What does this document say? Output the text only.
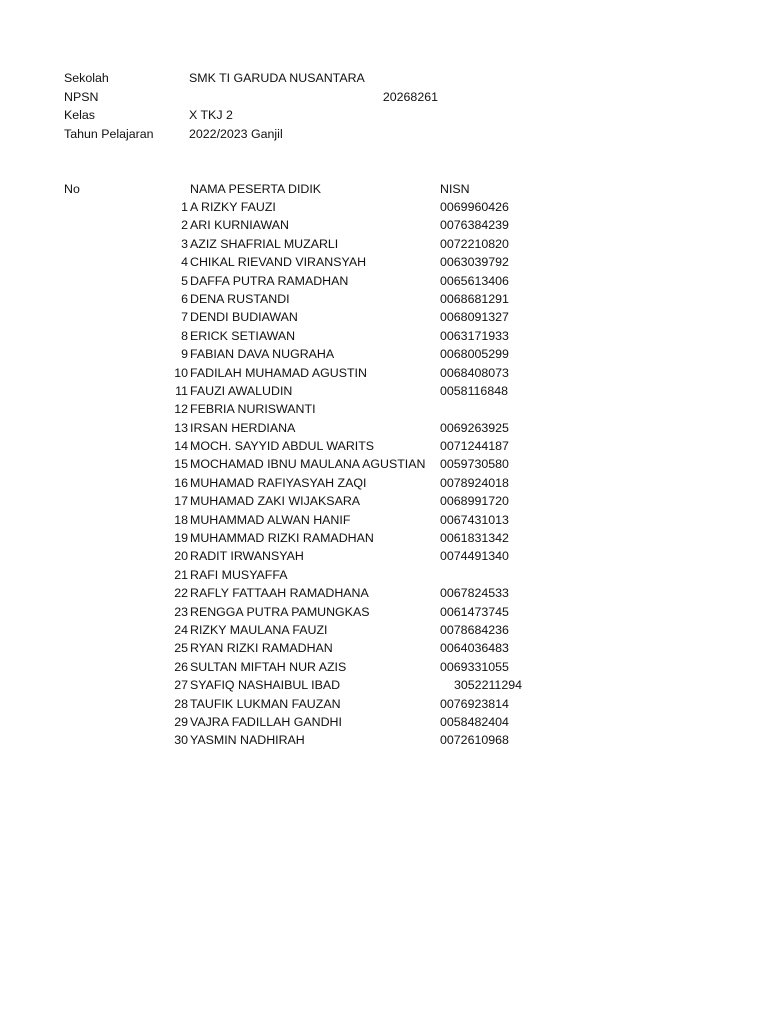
Sekolah	SMK TI GARUDA NUSANTARA
NPSN	20268261
Kelas	X TKJ 2
Tahun Pelajaran	2022/2023 Ganjil
No	NAMA PESERTA DIDIK	NISN
1 A RIZKY FAUZI	0069960426
2 ARI KURNIAWAN	0076384239
3 AZIZ SHAFRIAL MUZARLI	0072210820
4 CHIKAL RIEVAND VIRANSYAH	0063039792
5 DAFFA PUTRA RAMADHAN	0065613406
6 DENA RUSTANDI	0068681291
7 DENDI BUDIAWAN	0068091327
8 ERICK SETIAWAN	0063171933
9 FABIAN DAVA NUGRAHA	0068005299
10 FADILAH MUHAMAD AGUSTIN	0068408073
11 FAUZI AWALUDIN	0058116848
12 FEBRIA NURISWANTI
13 IRSAN HERDIANA	0069263925
14 MOCH. SAYYID ABDUL WARITS	0071244187
15 MOCHAMAD IBNU MAULANA AGUSTIAN 0059730580
16 MUHAMAD RAFIYASYAH ZAQI	0078924018
17 MUHAMAD ZAKI WIJAKSARA	0068991720
18 MUHAMMAD ALWAN HANIF	0067431013
19 MUHAMMAD RIZKI RAMADHAN	0061831342
20 RADIT IRWANSYAH	0074491340
21 RAFI MUSYAFFA
22 RAFLY FATTAAH RAMADHANA	0067824533
23 RENGGA PUTRA PAMUNGKAS	0061473745
24 RIZKY MAULANA FAUZI	0078684236
25 RYAN RIZKI RAMADHAN	0064036483
26 SULTAN MIFTAH NUR AZIS	0069331055
27 SYAFIQ NASHAIBUL IBAD	3052211294
28 TAUFIK LUKMAN FAUZAN	0076923814
29 VAJRA FADILLAH GANDHI	0058482404
30 YASMIN NADHIRAH	0072610968
